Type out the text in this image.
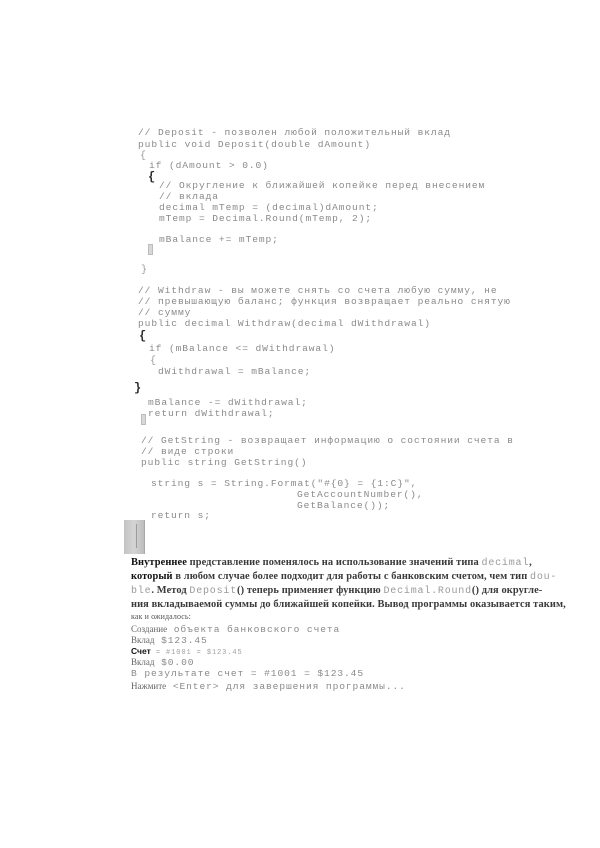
// Deposit - позволен любой положительный вклад
public void Deposit(double dAmount)
{
if (dAmount > 0.0)
{
// Округление к ближайшей копейке перед внесением
// вклада
decimal mTemp = (decimal)dAmount;
mTemp = Decimal.Round(mTemp, 2);
mBalance += mTemp;
}
// Withdraw - вы можете снять со счета любую сумму, не
// превышающую баланс; функция возвращает реально снятую
// сумму
public decimal Withdraw(decimal dWithdrawal)
{
if (mBalance <= dWithdrawal)
{
dWithdrawal = mBalance;
}
mBalance -= dWithdrawal;
return dWithdrawal;
// GetString - возвращает информацию о состоянии счета в
// виде строки
public string GetString()
string s = String.Format("#{0} = {1:C}",
GetAccountNumber(),
GetBalance());
return s;
Внутреннее представление поменялось на использование значений типа decimal,
который в любом случае более подходит для работы с банковским счетом, чем тип dou-
ble. Метод Deposit() теперь применяет функцию Decimal.Round() для округле-
ния вкладываемой суммы до ближайшей копейки. Вывод программы оказывается таким,
как и ожидалось:
Создание объекта банковского счета
Вклад $123.45
Счет = #1001 = $123.45
Вклад $0.00
В результате счет = #1001 = $123.45
Нажмите <Enter> для завершения программы...
